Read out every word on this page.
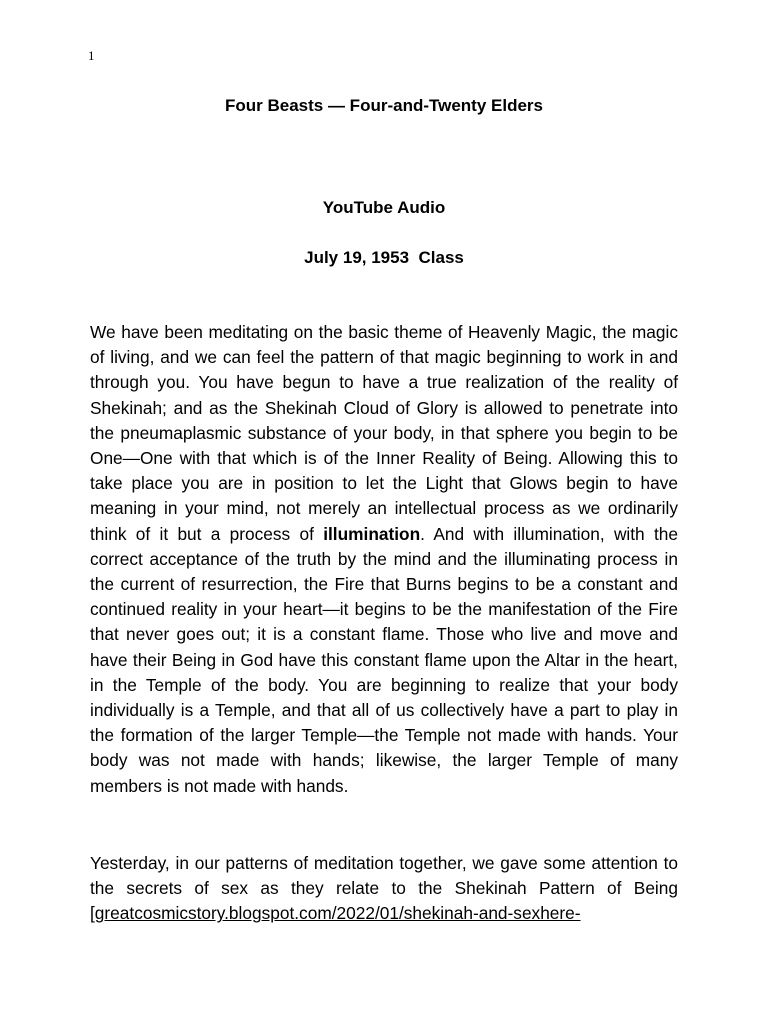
1
Four Beasts — Four-and-Twenty Elders
YouTube Audio
July 19, 1953  Class

We have been meditating on the basic theme of Heavenly Magic, the magic of living, and we can feel the pattern of that magic beginning to work in and through you. You have begun to have a true realization of the reality of Shekinah; and as the Shekinah Cloud of Glory is allowed to penetrate into the pneumaplasmic substance of your body, in that sphere you begin to be One—One with that which is of the Inner Reality of Being. Allowing this to take place you are in position to let the Light that Glows begin to have meaning in your mind, not merely an intellectual process as we ordinarily think of it but a process of illumination. And with illumination, with the correct acceptance of the truth by the mind and the illuminating process in the current of resurrection, the Fire that Burns begins to be a constant and continued reality in your heart—it begins to be the manifestation of the Fire that never goes out; it is a constant flame. Those who live and move and have their Being in God have this constant flame upon the Altar in the heart, in the Temple of the body. You are beginning to realize that your body individually is a Temple, and that all of us collectively have a part to play in the formation of the larger Temple—the Temple not made with hands. Your body was not made with hands; likewise, the larger Temple of many members is not made with hands.

Yesterday, in our patterns of meditation together, we gave some attention to the secrets of sex as they relate to the Shekinah Pattern of Being [greatcosmicstory.blogspot.com/2022/01/shekinah-and-sexhere-
